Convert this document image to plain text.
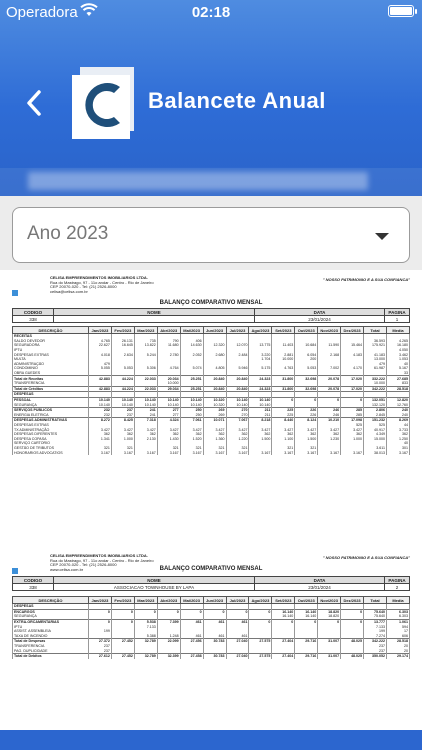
Operadora	02:18
Balancete Anual
Ano 2023
CELISA EMPREENDIMENTOS IMOBILIARIOS LTDA.
Rua do Mastrago, 97 - 11o andar - Centro - Rio de Janeiro
CEP 20070-020 - Tel: (21) 2526-8000
celisa@celisa.com.br
" NOSSO PATRIMONIO E A SUA CONFIANCA"
BALANÇO COMPARATIVO MENSAL
CODIGO	NOME	DATA	PAGINA
338		23/01/2024	1
DESCRIÇÃO	Jan/2023	Fev/2023	Mar/2023	Abr/2023	Mai/2023	Jun/2023	Jul/2023	Ago/2023	Set/2023	Out/2023	Nov/2023	Dez/2023	Total	Media
RECEITAS														
SALDO DEVEDOR	4.765	26.131	735	790	406								36.593	4.265
SEGURADORA	22.627	16.645	13.822	11.680	14.630	12.320	12.070	13.775	11.403	10.684	11.590	15.464	175.921	16.180
IPTU														4.050
DESPESAS EXTRAS	4.018	2.634	5.244	2.780	2.052	2.680	2.484	3.220	2.881	6.054	2.168	4.183	41.183	3.462
MULTA								1.704	10.000	200			13.000	1.053
ADMINISTRAÇÃO	479												479	40
CONDOMINIO	5.055	5.053	5.306	4.764	5.074	4.805	5.946	5.175	4.763	5.053	7.002	4.170	61.987	5.167
OBRA GUEDES														33
Total de Receitas	42.883	44.224	22.033	20.034	25.251	20.840	20.840	24.323	31.800	32.698	20.078	17.020	332.222	27.685
TRANSFERENCIA				10.000									10.000	833
Total de Créditos	42.883	44.224	22.033	29.034	25.251	20.840	20.840	24.323	31.800	32.698	20.078	17.020	342.222	28.518
DESPESAS														
PESSOAL	10.140	10.140	10.140	10.140	10.140	10.320	10.140	10.140	0	0	0	0	132.051	12.820
SEGURANÇA	10.140	10.140	10.140	10.140	10.140	10.320	10.140	10.140					132.120	12.760
SERVIÇOS PUBLICOS	232	237	241	277	250	269	270	211	225	226	246	285	2.806	240
ENERGIA ELETRICA	232	237	241	277	250	269	270	211	225	226	246	285	2.845	240
DESPESAS ADMINISTRATIVAS	8.272	8.425	7.318	4.324	7.061	10.071	7.067	8.218	8.440	8.124	10.210	17.098	151.232	8.269
DESPESAS EXTRAS												525	525	44
TX ADMINISTRAÇÃO	3.427	3.427	3.427	3.427	3.427	3.427	3.427	3.427	3.427	3.427	3.427	3.427	40.917	3.733
DESPESAS DIFERENTES	362	362	362	362	362	362	362	362	362	362	362	362	4.349	362
DESPESA COPASA	1.341	1.000	2.130	1.430	1.520	1.360	1.220	1.500	1.100	1.500	1.230	1.000	15.000	1.250
SERVIÇO CARTORIO														40
GESTÃO DE TRIBUTOS	321	321		321	321	321	321		321	321			3.611	301
HONORARIOS ADVOCATIOS	3.167	3.167	3.167	3.167	3.167	3.167	3.167	3.167	3.167	3.167	3.167	3.167	38.013	3.167
CELISA EMPREENDIMENTOS IMOBILIARIOS LTDA.
Rua do Mastrago, 97 - 11o andar - Centro - Rio de Janeiro
CEP 20070-020 - Tel: (21) 2526-8000
www.celisa.com.br
" NOSSO PATRIMONIO E A SUA CONFIANCA"
BALANÇO COMPARATIVO MENSAL
CODIGO	NOME	DATA	PAGINA
338	ASSOCIACAO TOWNHOUSE BY LAPA	23/01/2024	2
DESCRIÇÃO	Jan/2023	Fev/2023	Mar/2023	Abr/2023	Mai/2023	Jun/2023	Jul/2023	Ago/2023	Set/2023	Out/2023	Nov/2023	Dez/2023	Total	Media
DESPESAS														
ENCARGOS	0	0	0	0	0	0	0	0	16.140	16.140	18.820	0	75.640	6.303
SEGURANÇA									16.140	16.140	18.820		75.640	6.303
EXTRA-ORCAMENTARIAS	0	0	5.538	7.399	461	461	461	0	0	0	0	0	13.777	1.061
IPTU			7.133										7.133	594
ASSIST. ASSEMBLEIA	199												199	17
TAXA DE INCENDIO			5.388	1.248	461	461	461						7.274	606
Total de Despesas	27.372	27.452	32.789	22.099	27.456	30.783	27.040	27.575	27.404	29.716	31.007	48.025	342.222	28.518
TRANSFERENCIA	237												237	20
PAG. DUPLICIDADE	237												237	20
Total de Debitos	27.612	27.452	32.789	32.399	27.458	30.783	27.040	27.575	27.404	29.716	31.007	48.025	350.052	29.174
